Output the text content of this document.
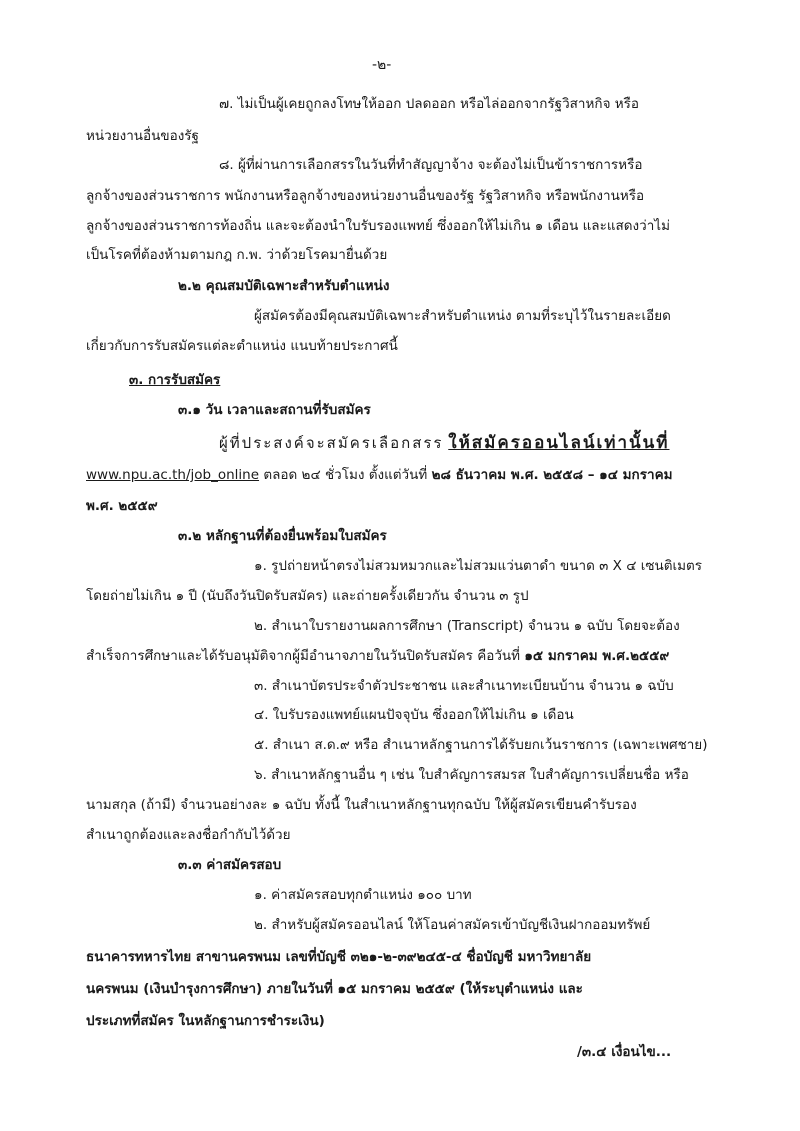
-๒-
๗. ไม่เป็นผู้เคยถูกลงโทษให้ออก ปลดออก หรือไล่ออกจากรัฐวิสาหกิจ หรือ
หน่วยงานอื่นของรัฐ
๘. ผู้ที่ผ่านการเลือกสรรในวันที่ทำสัญญาจ้าง จะต้องไม่เป็นข้าราชการหรือ
ลูกจ้างของส่วนราชการ พนักงานหรือลูกจ้างของหน่วยงานอื่นของรัฐ รัฐวิสาหกิจ หรือพนักงานหรือ
ลูกจ้างของส่วนราชการท้องถิ่น และจะต้องนำใบรับรองแพทย์ ซึ่งออกให้ไม่เกิน ๑ เดือน และแสดงว่าไม่
เป็นโรคที่ต้องห้ามตามกฎ ก.พ. ว่าด้วยโรคมายื่นด้วย
๒.๒ คุณสมบัติเฉพาะสำหรับตำแหน่ง
ผู้สมัครต้องมีคุณสมบัติเฉพาะสำหรับตำแหน่ง ตามที่ระบุไว้ในรายละเอียด
เกี่ยวกับการรับสมัครแต่ละตำแหน่ง แนบท้ายประกาศนี้
๓. การรับสมัคร
๓.๑ วัน เวลาและสถานที่รับสมัคร
ผู้ที่ประสงค์จะสมัครเลือกสรร ให้สมัครออนไลน์เท่านั้นที่
www.npu.ac.th/job_online ตลอด ๒๔ ชั่วโมง ตั้งแต่วันที่ ๒๘ ธันวาคม พ.ศ. ๒๕๕๘ – ๑๔ มกราคม
พ.ศ. ๒๕๕๙
๓.๒ หลักฐานที่ต้องยื่นพร้อมใบสมัคร
๑. รูปถ่ายหน้าตรงไม่สวมหมวกและไม่สวมแว่นตาดำ ขนาด ๓ X ๔ เซนติเมตร
โดยถ่ายไม่เกิน ๑ ปี (นับถึงวันปิดรับสมัคร) และถ่ายครั้งเดียวกัน จำนวน ๓ รูป
๒. สำเนาใบรายงานผลการศึกษา (Transcript) จำนวน ๑ ฉบับ โดยจะต้อง
สำเร็จการศึกษาและได้รับอนุมัติจากผู้มีอำนาจภายในวันปิดรับสมัคร คือวันที่ ๑๕ มกราคม พ.ศ.๒๕๕๙
๓. สำเนาบัตรประจำตัวประชาชน และสำเนาทะเบียนบ้าน จำนวน ๑ ฉบับ
๔. ใบรับรองแพทย์แผนปัจจุบัน ซึ่งออกให้ไม่เกิน ๑ เดือน
๕. สำเนา ส.ด.๙ หรือ สำเนาหลักฐานการได้รับยกเว้นราชการ (เฉพาะเพศชาย)
๖. สำเนาหลักฐานอื่น ๆ เช่น ใบสำคัญการสมรส ใบสำคัญการเปลี่ยนชื่อ หรือ
นามสกุล (ถ้ามี) จำนวนอย่างละ ๑ ฉบับ ทั้งนี้ ในสำเนาหลักฐานทุกฉบับ ให้ผู้สมัครเขียนคำรับรอง
สำเนาถูกต้องและลงชื่อกำกับไว้ด้วย
๓.๓ ค่าสมัครสอบ
๑. ค่าสมัครสอบทุกตำแหน่ง ๑๐๐ บาท
๒. สำหรับผู้สมัครออนไลน์ ให้โอนค่าสมัครเข้าบัญชีเงินฝากออมทรัพย์
ธนาคารทหารไทย สาขานครพนม เลขที่บัญชี ๓๒๑-๒-๓๙๒๔๕-๔ ชื่อบัญชี มหาวิทยาลัย
นครพนม (เงินบำรุงการศึกษา) ภายในวันที่ ๑๕ มกราคม ๒๕๕๙ (ให้ระบุตำแหน่ง และ
ประเภทที่สมัคร ในหลักฐานการชำระเงิน)
/๓.๔ เงื่อนไข...
